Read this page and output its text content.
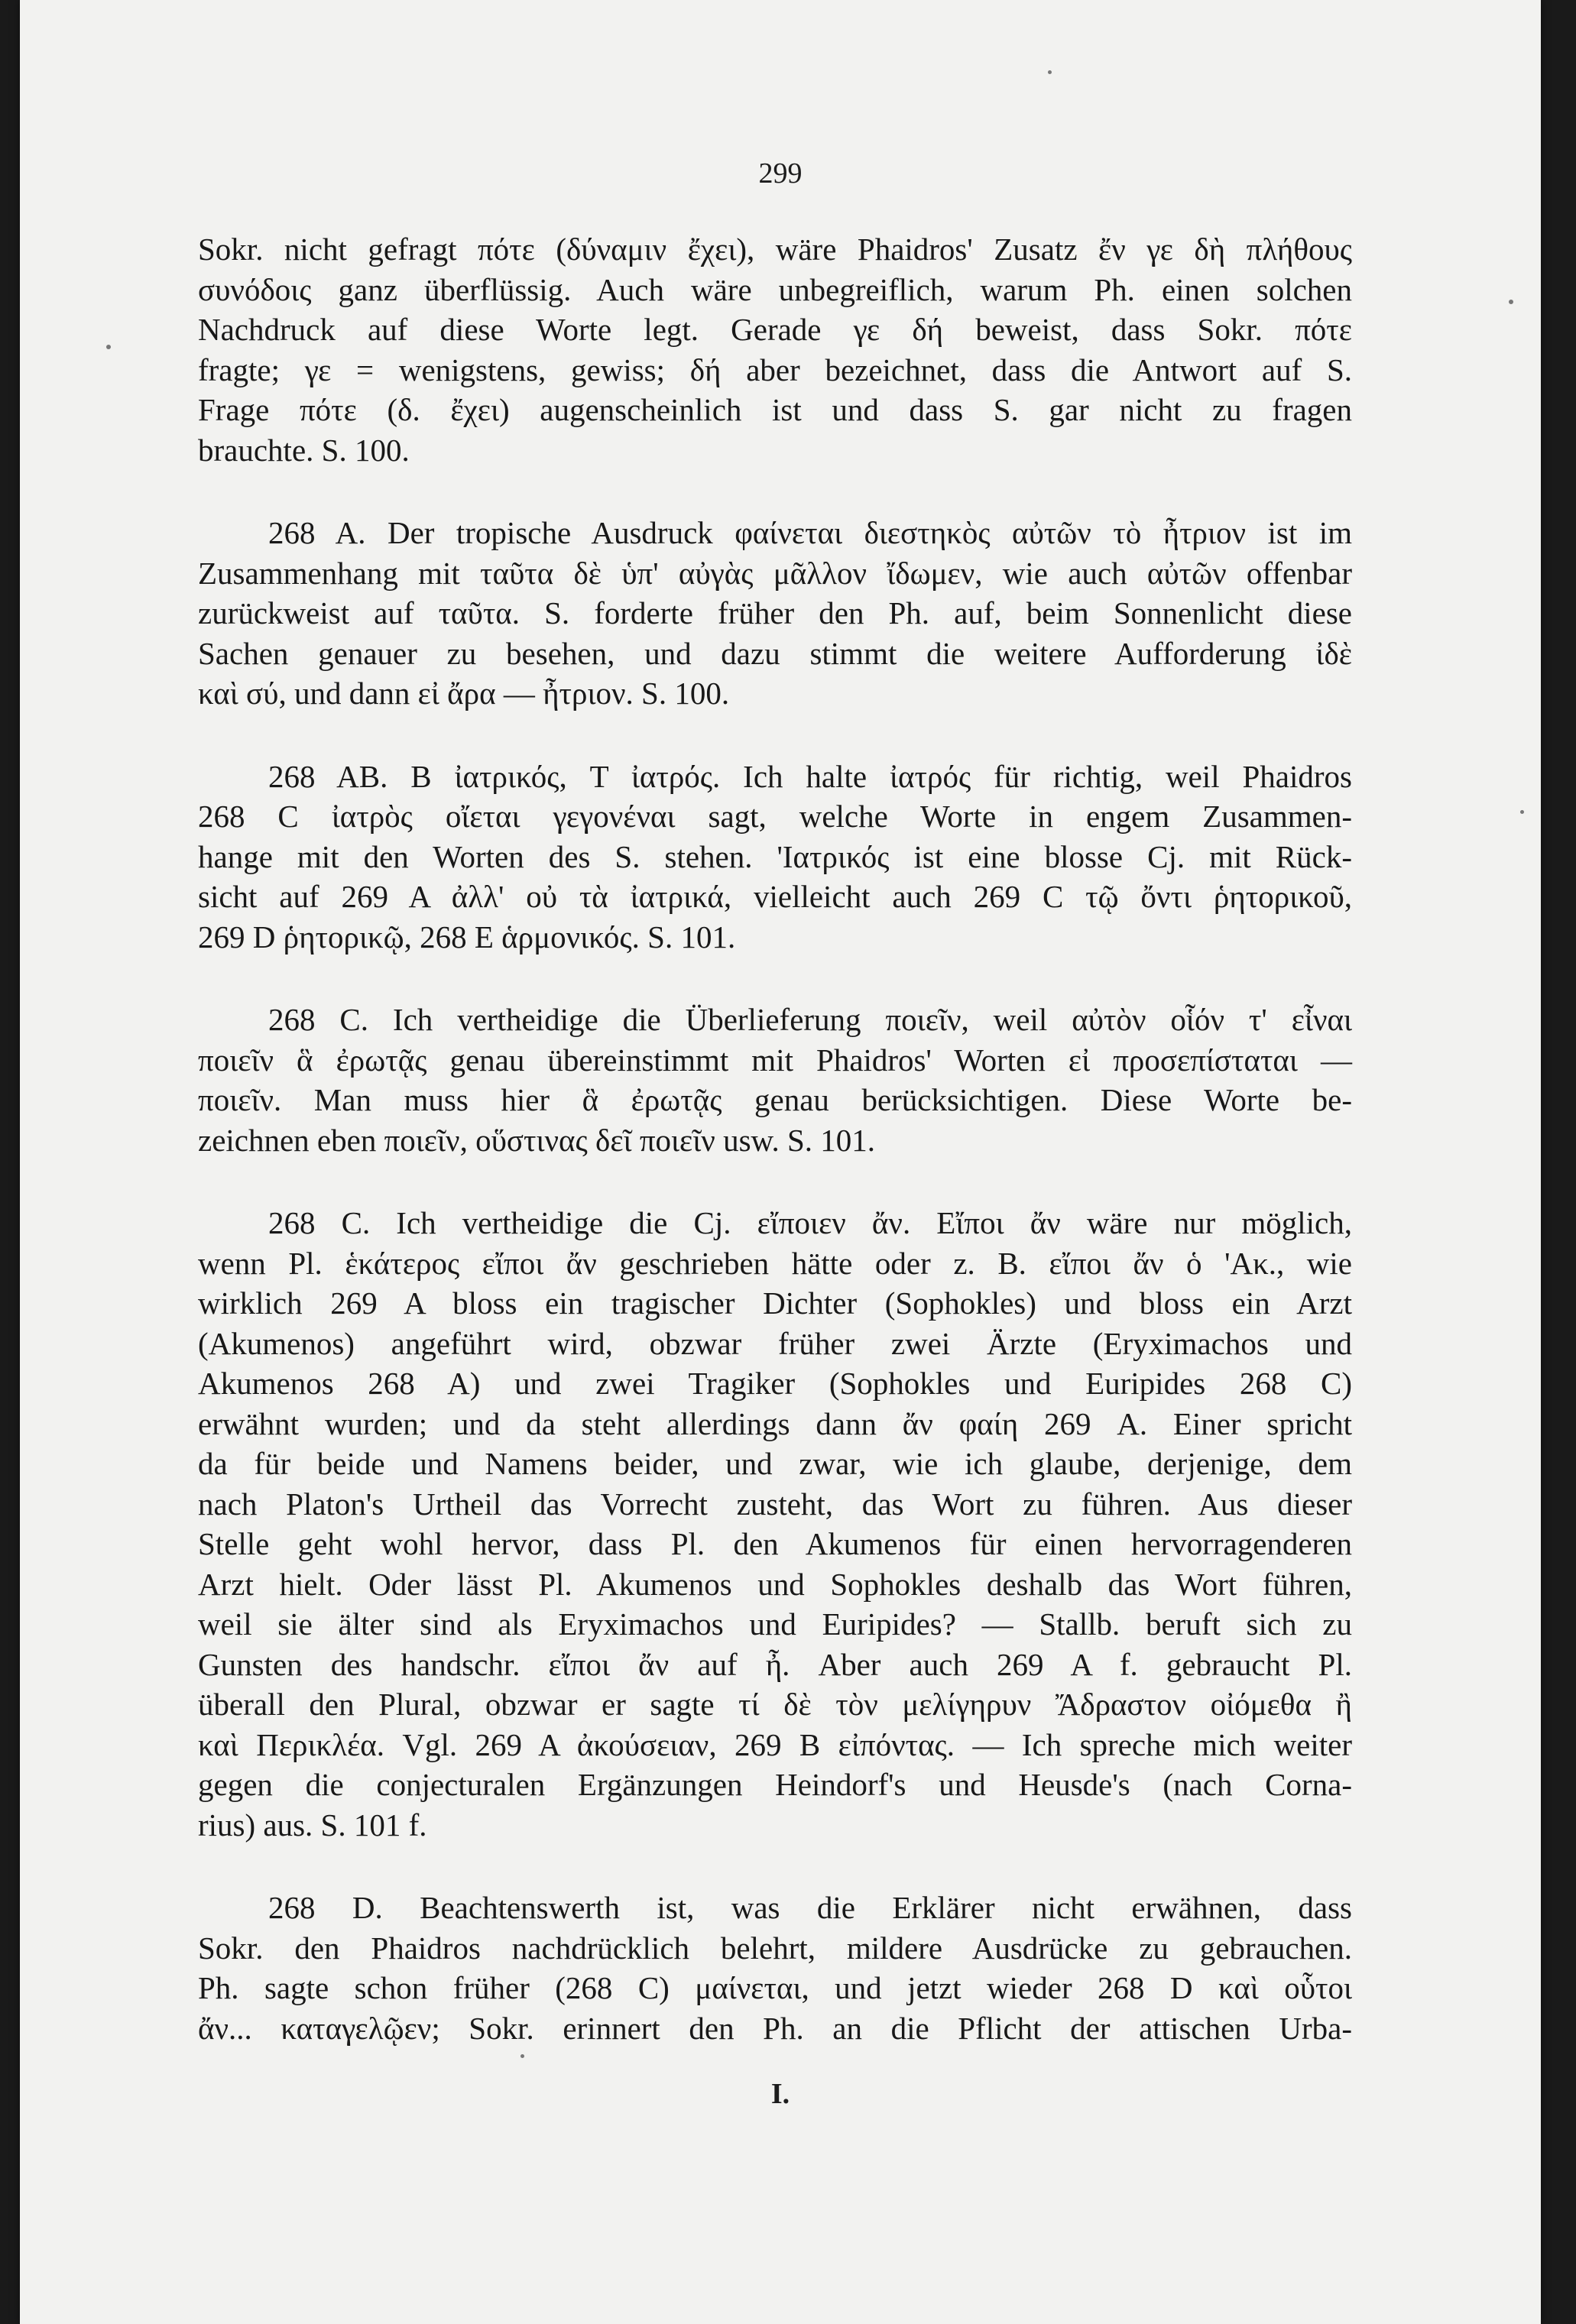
299
Sokr. nicht gefragt πότε (δύναμιν ἔχει), wäre Phaidros' Zusatz ἔν γε δὴ πλήθους
συνόδοις ganz überflüssig. Auch wäre unbegreiflich, warum Ph. einen solchen
Nachdruck auf diese Worte legt. Gerade γε δή beweist, dass Sokr. πότε
fragte; γε = wenigstens, gewiss; δή aber bezeichnet, dass die Antwort auf S.
Frage πότε (δ. ἔχει) augenscheinlich ist und dass S. gar nicht zu fragen
brauchte. S. 100.
268 A. Der tropische Ausdruck φαίνεται διεστηκὸς αὐτῶν τὸ ἦτριον ist im
Zusammenhang mit ταῦτα δὲ ὑπ' αὐγὰς μᾶλλον ἴδωμεν, wie auch αὐτῶν offenbar
zurückweist auf ταῦτα. S. forderte früher den Ph. auf, beim Sonnenlicht diese
Sachen genauer zu besehen, und dazu stimmt die weitere Aufforderung ἰδὲ
καὶ σύ, und dann εἰ ἄρα — ἦτριον. S. 100.
268 AB. B ἰατρικός, T ἰατρός. Ich halte ἰατρός für richtig, weil Phaidros
268 C ἰατρὸς οἴεται γεγονέναι sagt, welche Worte in engem Zusammen-
hange mit den Worten des S. stehen. 'Ιατρικός ist eine blosse Cj. mit Rück-
sicht auf 269 A ἀλλ' οὐ τὰ ἰατρικά, vielleicht auch 269 C τῷ ὄντι ῥητορικοῦ,
269 D ῥητορικῷ, 268 E ἁρμονικός. S. 101.
268 C. Ich vertheidige die Überlieferung ποιεῖν, weil αὐτὸν οἷόν τ' εἶναι
ποιεῖν ἃ ἐρωτᾷς genau übereinstimmt mit Phaidros' Worten εἰ προσεπίσταται —
ποιεῖν. Man muss hier ἃ ἐρωτᾷς genau berücksichtigen. Diese Worte be-
zeichnen eben ποιεῖν, οὕστινας δεῖ ποιεῖν usw. S. 101.
268 C. Ich vertheidige die Cj. εἴποιεν ἄν. Εἴποι ἄν wäre nur möglich,
wenn Pl. ἑκάτερος εἴποι ἄν geschrieben hätte oder z. B. εἴποι ἄν ὁ 'Ακ., wie
wirklich 269 A bloss ein tragischer Dichter (Sophokles) und bloss ein Arzt
(Akumenos) angeführt wird, obzwar früher zwei Ärzte (Eryximachos und
Akumenos 268 A) und zwei Tragiker (Sophokles und Euripides 268 C)
erwähnt wurden; und da steht allerdings dann ἄν φαίη 269 A. Einer spricht
da für beide und Namens beider, und zwar, wie ich glaube, derjenige, dem
nach Platon's Urtheil das Vorrecht zusteht, das Wort zu führen. Aus dieser
Stelle geht wohl hervor, dass Pl. den Akumenos für einen hervorragenderen
Arzt hielt. Oder lässt Pl. Akumenos und Sophokles deshalb das Wort führen,
weil sie älter sind als Eryximachos und Euripides? — Stallb. beruft sich zu
Gunsten des handschr. εἴποι ἄν auf ἦ. Aber auch 269 A f. gebraucht Pl.
überall den Plural, obzwar er sagte τί δὲ τὸν μελίγηρυν Ἄδραστον οἰόμεθα ἢ
καὶ Περικλέα. Vgl. 269 A ἀκούσειαν, 269 B εἰπόντας. — Ich spreche mich weiter
gegen die conjecturalen Ergänzungen Heindorf's und Heusde's (nach Corna-
rius) aus. S. 101 f.
268 D. Beachtenswerth ist, was die Erklärer nicht erwähnen, dass
Sokr. den Phaidros nachdrücklich belehrt, mildere Ausdrücke zu gebrauchen.
Ph. sagte schon früher (268 C) μαίνεται, und jetzt wieder 268 D καὶ οὗτοι
ἄν... καταγελῷεν; Sokr. erinnert den Ph. an die Pflicht der attischen Urba-
I.
